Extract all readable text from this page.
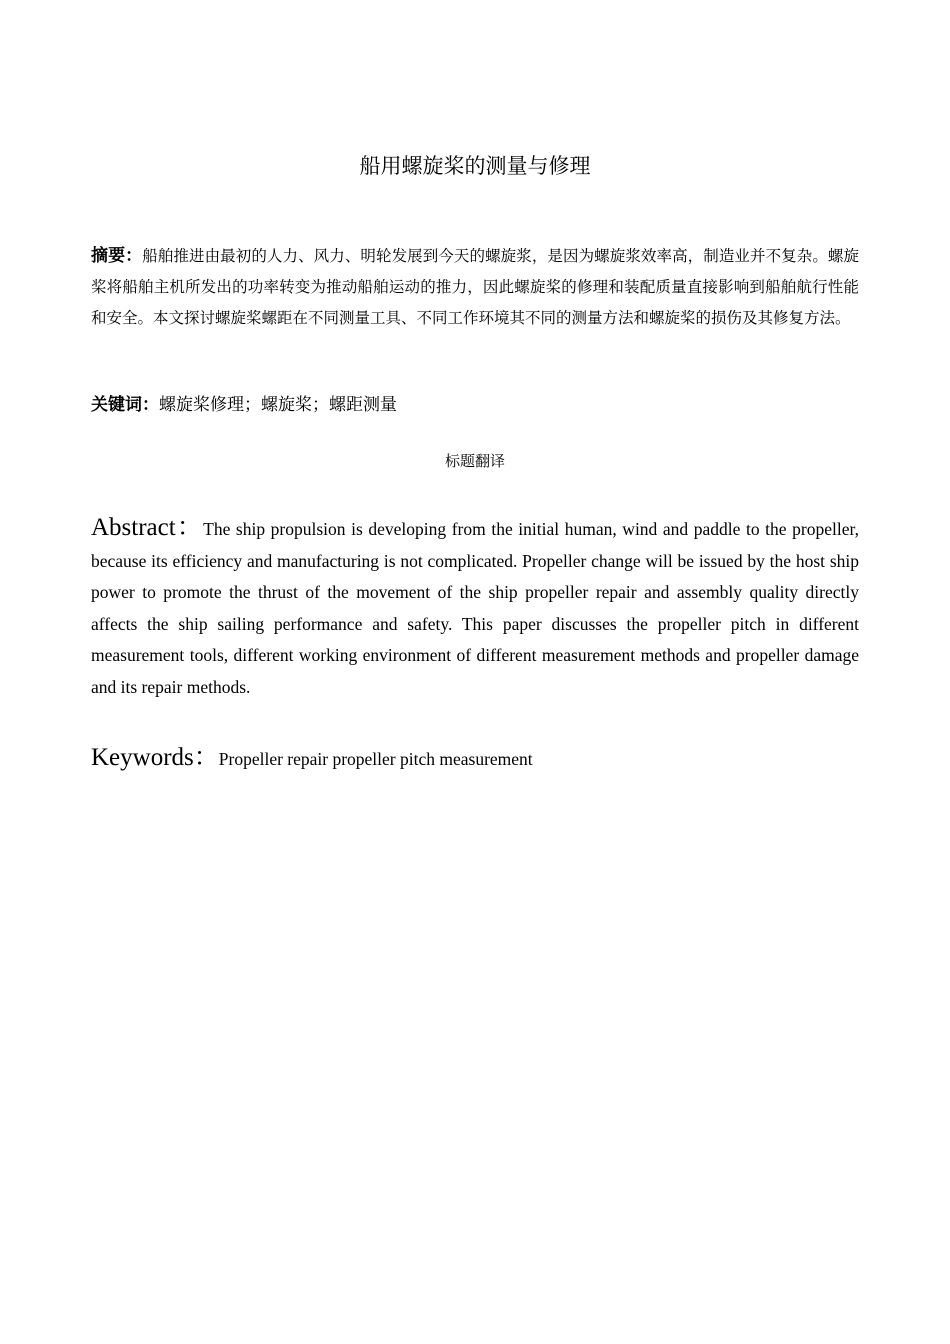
船用螺旋桨的测量与修理

摘要：船舶推进由最初的人力、风力、明轮发展到今天的螺旋浆，是因为螺旋浆效率高，制造业并不复杂。螺旋桨将船舶主机所发出的功率转变为推动船舶运动的推力，因此螺旋桨的修理和装配质量直接影响到船舶航行性能和安全。本文探讨螺旋桨螺距在不同测量工具、不同工作环境其不同的测量方法和螺旋桨的损伤及其修复方法。

关键词：螺旋桨修理；螺旋桨；螺距测量

标题翻译

Abstract：The ship propulsion is developing from the initial human, wind and paddle to the propeller, because its efficiency and manufacturing is not complicated. Propeller change will be issued by the host ship power to promote the thrust of the movement of the ship propeller repair and assembly quality directly affects the ship sailing performance and safety. This paper discusses the propeller pitch in different measurement tools, different working environment of different measurement methods and propeller damage and its repair methods.

Keywords：Propeller repair propeller pitch measurement
